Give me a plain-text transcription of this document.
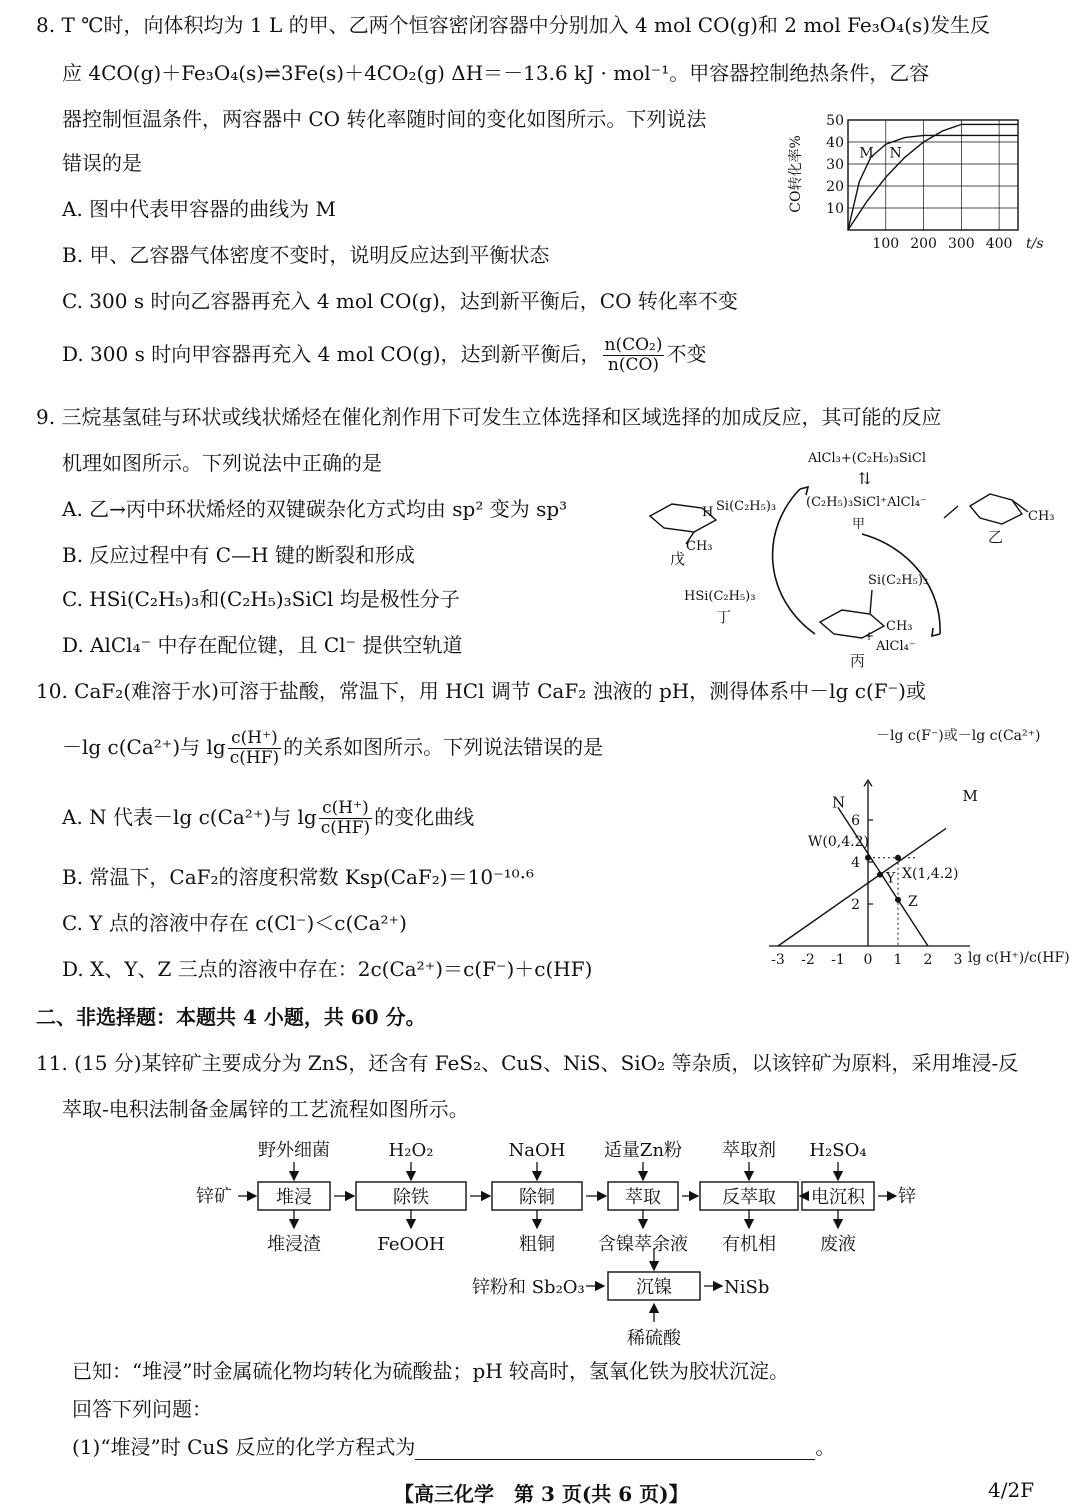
8. T ℃时，向体积均为 1 L 的甲、乙两个恒容密闭容器中分别加入 4 mol CO(g)和 2 mol Fe₃O₄(s)发生反
应 4CO(g)＋Fe₃O₄(s)⇌3Fe(s)＋4CO₂(g) ΔH＝－13.6 kJ · mol⁻¹。甲容器控制绝热条件，乙容
器控制恒温条件，两容器中 CO 转化率随时间的变化如图所示。下列说法
错误的是
A. 图中代表甲容器的曲线为 M
B. 甲、乙容器气体密度不变时，说明反应达到平衡状态
C. 300 s 时向乙容器再充入 4 mol CO(g)，达到新平衡后，CO 转化率不变
D. 300 s 时向甲容器再充入 4 mol CO(g)，达到新平衡后， $\frac{\text{n(CO₂)}}{n(CO)}$ 不变
CO转化率%
100 200 300 400
10
20
30
40
50
t/s
M N
9. 三烷基氢硅与环状或线状烯烃在催化剂作用下可发生立体选择和区域选择的加成反应，其可能的反应
机理如图所示。下列说法中正确的是
A. 乙→丙中环状烯烃的双键碳杂化方式均由 sp² 变为 sp³
B. 反应过程中有 C—H 键的断裂和形成
C. HSi(C₂H₅)₃和(C₂H₅)₃SiCl 均是极性分子
D. AlCl₄⁻ 中存在配位键，且 Cl⁻ 提供空轨道
AlCl₃+(C₂H₅)₃SiCl
⇅
(C₂H₅)₃SiCl⁺AlCl₄⁻
甲
CH₃
乙
Si(C₂H₅)₃
CH₃
+
AlCl₄⁻
丙
HSi(C₂H₅)₃
丁
H Si(C₂H₅)₃
CH₃
戊
10. CaF₂(难溶于水)可溶于盐酸，常温下，用 HCl 调节 CaF₂ 浊液的 pH，测得体系中－lg c(F⁻)或
－lg c(Ca²⁺)与 $\lg \frac{c(H^+)}{c(HF)}$ 的关系如图所示。下列说法错误的是
A. N 代表－lg c(Ca²⁺)与 $\lg \frac{c(H^+)}{c(HF)}$ 的变化曲线
B. 常温下，CaF₂的溶度积常数 Ksp(CaF₂)＝10⁻¹⁰·⁶
C. Y 点的溶液中存在 c(Cl⁻)＜c(Ca²⁺)
D. X、Y、Z 三点的溶液中存在：2c(Ca²⁺)＝c(F⁻)＋c(HF)
－lg c(F⁻)或－lg c(Ca²⁺)
lg c(H⁺)/c(HF)
-3 -2 -1 0 1 2 3
2
4
6
M
N
W(0,4.2)
X(1,4.2)
Y
Z
二、非选择题：本题共 4 小题，共 60 分。
11. (15 分)某锌矿主要成分为 ZnS，还含有 FeS₂、CuS、NiS、SiO₂ 等杂质，以该锌矿为原料，采用堆浸-反
萃取-电积法制备金属锌的工艺流程如图所示。
锌矿 堆浸
野外细菌
堆浸渣
除铁
H₂O₂
FeOOH
除铜
NaOH
粗铜
萃取
适量Zn粉
含镍萃余液
反萃取
萃取剂
有机相
电沉积
H₂SO₄
废液
锌
沉镍
锌粉和 Sb₂O₃	NiSb
稀硫酸
已知：“堆浸”时金属硫化物均转化为硫酸盐；pH 较高时，氢氧化铁为胶状沉淀。
回答下列问题：
(1)“堆浸”时 CuS 反应的化学方程式为	。
【高三化学　第 3 页(共 6 页)】	4/2F
